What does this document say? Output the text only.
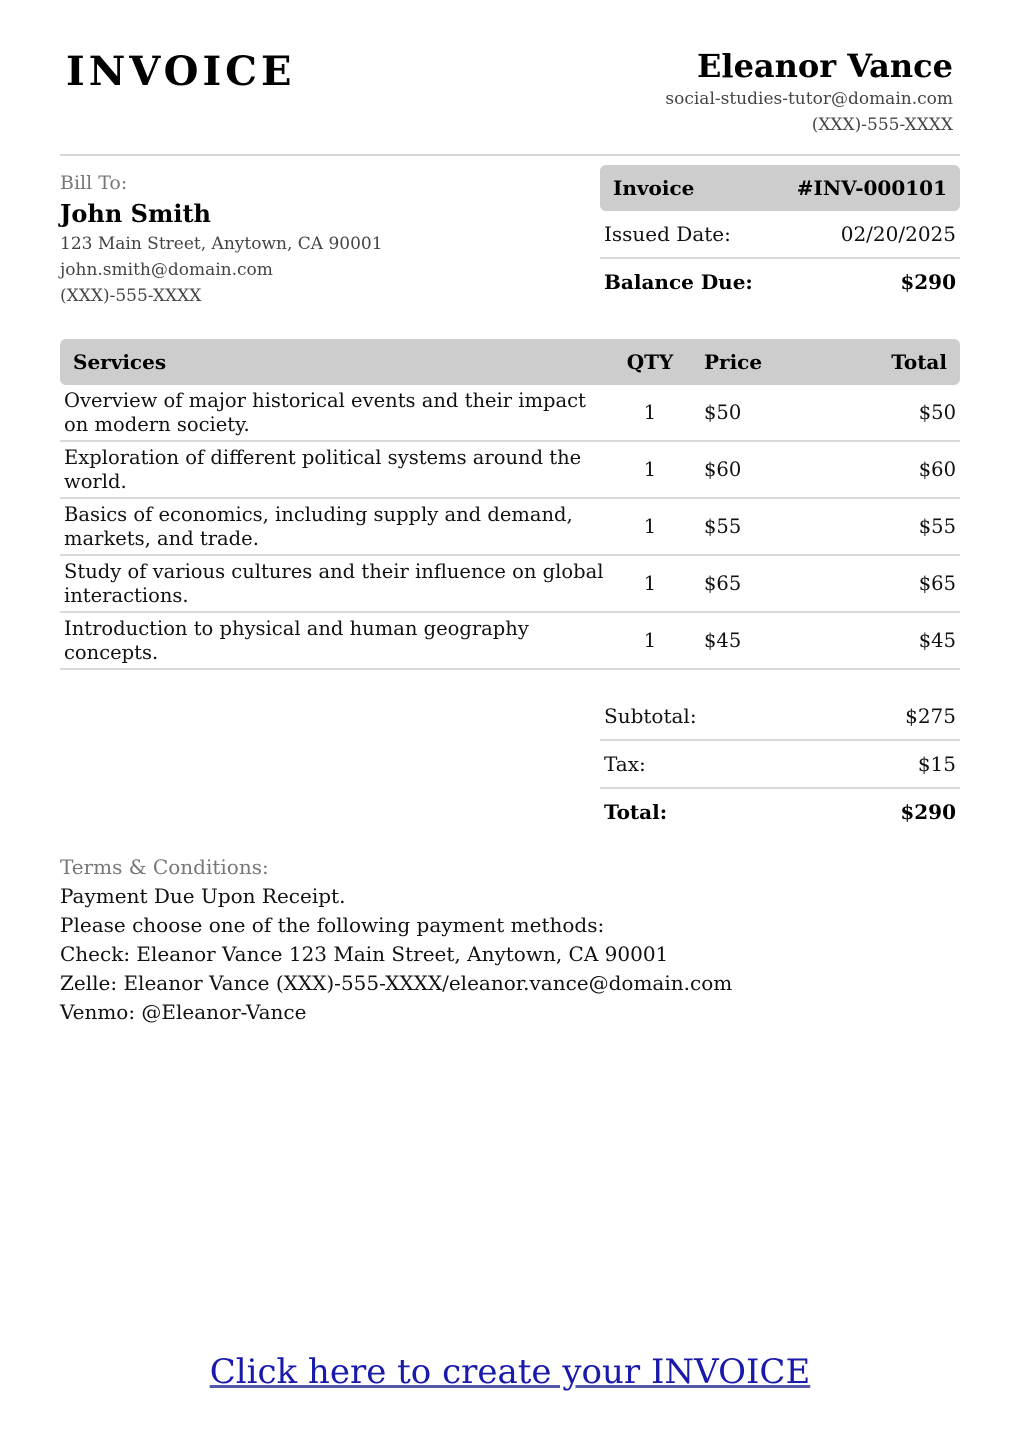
INVOICE	Eleanor Vance
social-studies-tutor@domain.com
(XXX)-555-XXXX
Bill To:
John Smith
123 Main Street, Anytown, CA 90001
john.smith@domain.com
(XXX)-555-XXXX
Invoice	#INV-000101
Issued Date:	02/20/2025
Balance Due:	$290
Services	QTY	Price	Total
Overview of major historical events and their impact on modern society.	1	$50	$50
Exploration of different political systems around the world.	1	$60	$60
Basics of economics, including supply and demand, markets, and trade.	1	$55	$55
Study of various cultures and their influence on global interactions.	1	$65	$65
Introduction to physical and human geography concepts.	1	$45	$45
Subtotal:	$275
Tax:	$15
Total:	$290
Terms & Conditions:
Payment Due Upon Receipt.
Please choose one of the following payment methods:
Check: Eleanor Vance 123 Main Street, Anytown, CA 90001
Zelle: Eleanor Vance (XXX)-555-XXXX/eleanor.vance@domain.com
Venmo: @Eleanor-Vance
Click here to create your INVOICE
